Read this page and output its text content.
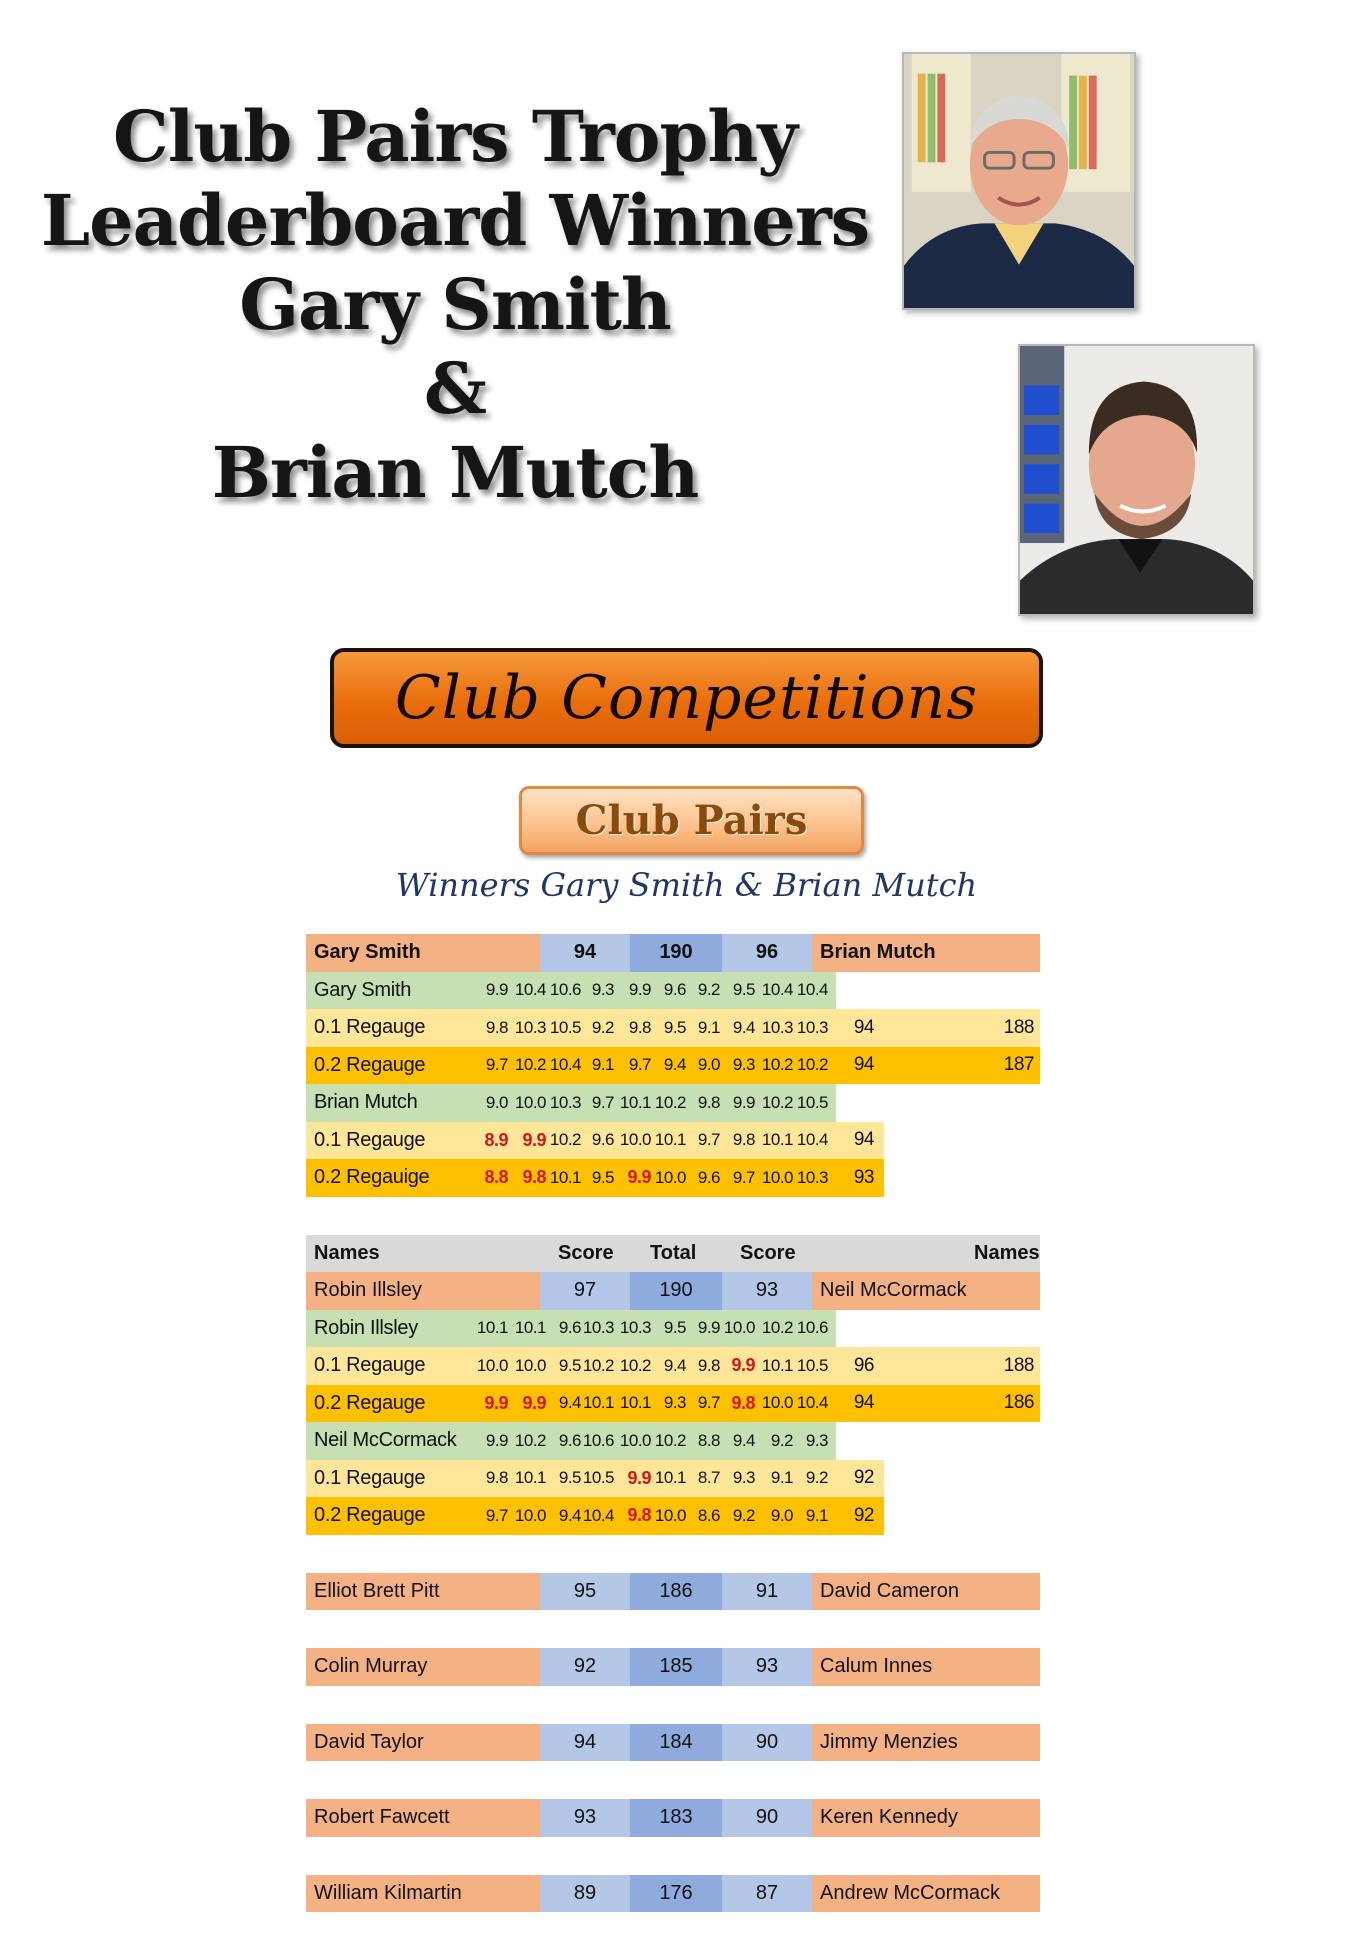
Club Pairs Trophy
Leaderboard Winners
Gary Smith
&
Brian Mutch
Club Competitions
Club Pairs
Winners Gary Smith & Brian Mutch
Gary Smith	94	190	96	Brian Mutch
Gary Smith	9.9 10.4 10.6 9.3 9.9 9.6 9.2 9.5 10.4 10.4
0.1 Regauge	9.8 10.3 10.5 9.2 9.8 9.5 9.1 9.4 10.3 10.3	94	188
0.2 Regauge	9.7 10.2 10.4 9.1 9.7 9.4 9.0 9.3 10.2 10.2	94	187
Brian Mutch	9.0 10.0 10.3 9.7 10.1 10.2 9.8 9.9 10.2 10.5
0.1 Regauge	8.9 9.9 10.2 9.6 10.0 10.1 9.7 9.8 10.1 10.4	94
0.2 Regauige	8.8 9.8 10.1 9.5 9.9 10.0 9.6 9.7 10.0 10.3	93
Names	Score Total Score	Names
Robin Illsley	97	190	93	Neil McCormack
Robin Illsley	10.1 10.1 9.6 10.3 10.3 9.5 9.9 10.0 10.2 10.6
0.1 Regauge	10.0 10.0 9.5 10.2 10.2 9.4 9.8 9.9 10.1 10.5	96	188
0.2 Regauge	9.9 9.9 9.4 10.1 10.1 9.3 9.7 9.8 10.0 10.4	94	186
Neil McCormack	9.9 10.2 9.6 10.6 10.0 10.2 8.8 9.4 9.2 9.3
0.1 Regauge	9.8 10.1 9.5 10.5 9.9 10.1 8.7 9.3 9.1 9.2	92
0.2 Regauge	9.7 10.0 9.4 10.4 9.8 10.0 8.6 9.2 9.0 9.1	92
Elliot Brett Pitt	95	186	91	David Cameron
Colin Murray	92	185	93	Calum Innes
David Taylor	94	184	90	Jimmy Menzies
Robert Fawcett	93	183	90	Keren Kennedy
William Kilmartin	89	176	87	Andrew McCormack
